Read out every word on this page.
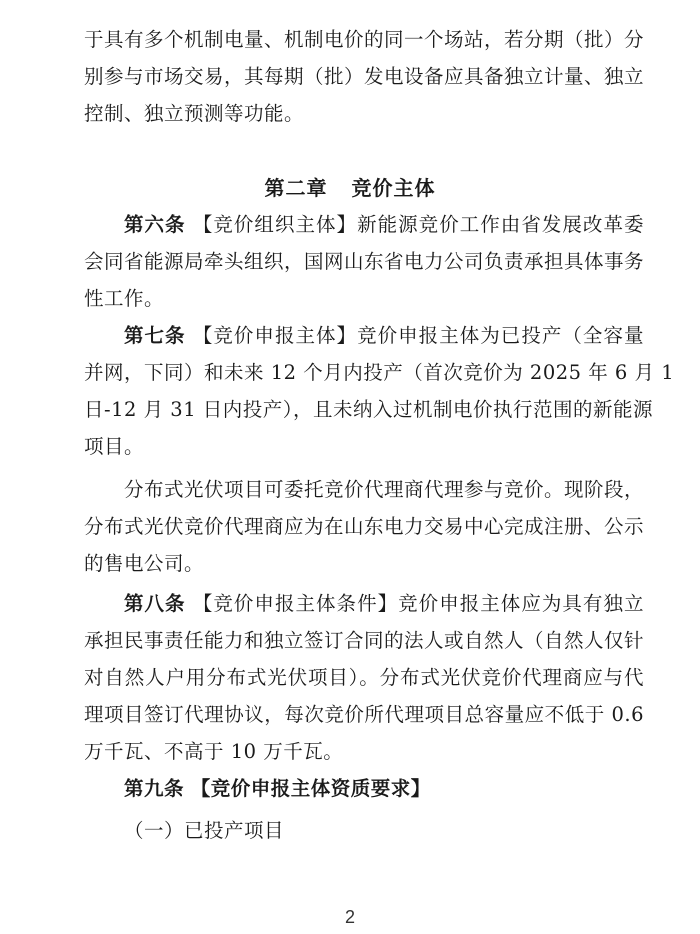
于具有多个机制电量、机制电价的同一个场站，若分期（批）分
别参与市场交易，其每期（批）发电设备应具备独立计量、独立
控制、独立预测等功能。
第二章 竞价主体
第六条 【竞价组织主体】新能源竞价工作由省发展改革委
会同省能源局牵头组织，国网山东省电力公司负责承担具体事务
性工作。
第七条 【竞价申报主体】竞价申报主体为已投产（全容量
并网，下同）和未来 12 个月内投产（首次竞价为 2025 年 6 月 1
日-12 月 31 日内投产），且未纳入过机制电价执行范围的新能源
项目。
分布式光伏项目可委托竞价代理商代理参与竞价。现阶段，
分布式光伏竞价代理商应为在山东电力交易中心完成注册、公示
的售电公司。
第八条 【竞价申报主体条件】竞价申报主体应为具有独立
承担民事责任能力和独立签订合同的法人或自然人（自然人仅针
对自然人户用分布式光伏项目）。分布式光伏竞价代理商应与代
理项目签订代理协议，每次竞价所代理项目总容量应不低于 0.6
万千瓦、不高于 10 万千瓦。
第九条 【竞价申报主体资质要求】
（一）已投产项目
2
